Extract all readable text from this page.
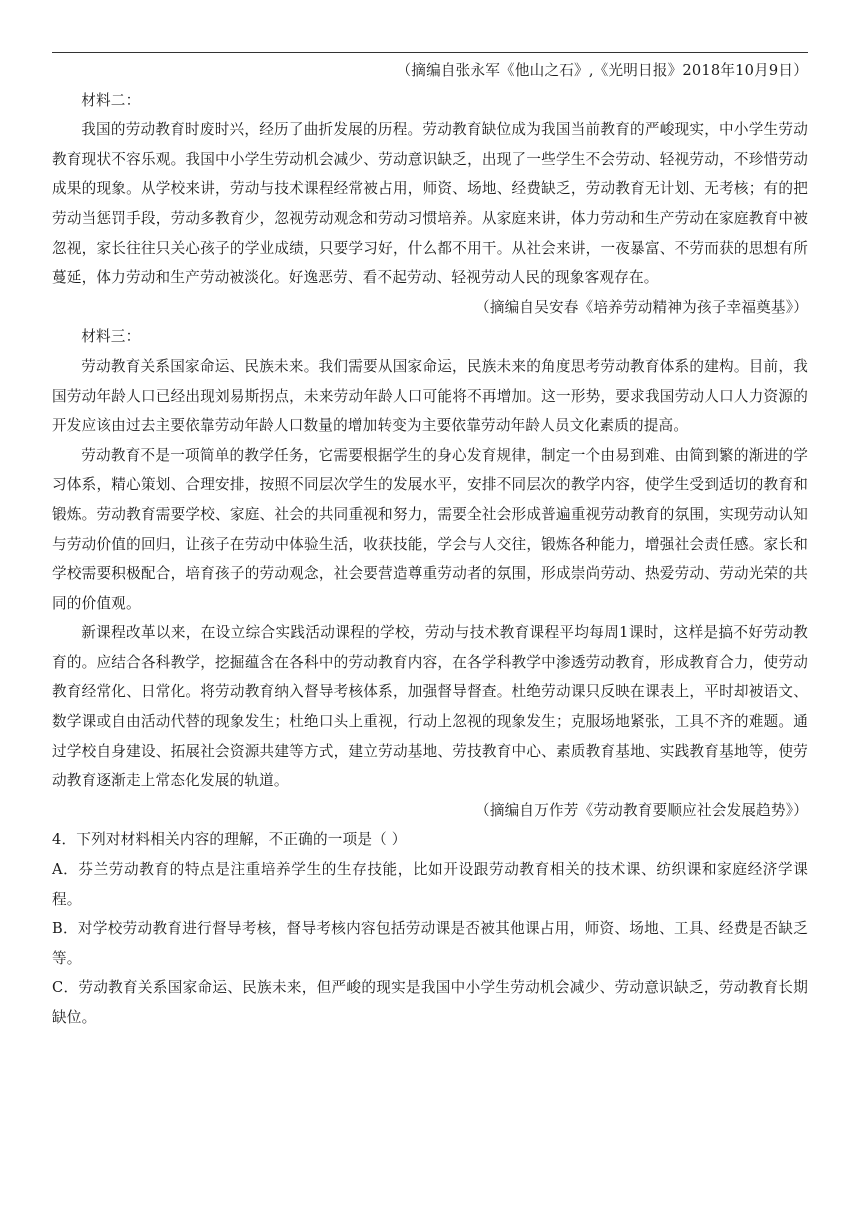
（摘编自张永军《他山之石》,《光明日报》2018年10月9日）

材料二：

我国的劳动教育时废时兴，经历了曲折发展的历程。劳动教育缺位成为我国当前教育的严峻现实，中小学生劳动教育现状不容乐观。我国中小学生劳动机会减少、劳动意识缺乏，出现了一些学生不会劳动、轻视劳动，不珍惜劳动成果的现象。从学校来讲，劳动与技术课程经常被占用，师资、场地、经费缺乏，劳动教育无计划、无考核；有的把劳动当惩罚手段，劳动多教育少，忽视劳动观念和劳动习惯培养。从家庭来讲，体力劳动和生产劳动在家庭教育中被忽视，家长往往只关心孩子的学业成绩，只要学习好，什么都不用干。从社会来讲，一夜暴富、不劳而获的思想有所蔓延，体力劳动和生产劳动被淡化。好逸恶劳、看不起劳动、轻视劳动人民的现象客观存在。

（摘编自吴安春《培养劳动精神为孩子幸福奠基》）

材料三：

劳动教育关系国家命运、民族未来。我们需要从国家命运，民族未来的角度思考劳动教育体系的建构。目前，我国劳动年龄人口已经出现刘易斯拐点，未来劳动年龄人口可能将不再增加。这一形势，要求我国劳动人口人力资源的开发应该由过去主要依靠劳动年龄人口数量的增加转变为主要依靠劳动年龄人员文化素质的提高。

劳动教育不是一项简单的教学任务，它需要根据学生的身心发育规律，制定一个由易到难、由简到繁的渐进的学习体系，精心策划、合理安排，按照不同层次学生的发展水平，安排不同层次的教学内容，使学生受到适切的教育和锻炼。劳动教育需要学校、家庭、社会的共同重视和努力，需要全社会形成普遍重视劳动教育的氛围，实现劳动认知与劳动价值的回归，让孩子在劳动中体验生活，收获技能，学会与人交往，锻炼各种能力，增强社会责任感。家长和学校需要积极配合，培育孩子的劳动观念，社会要营造尊重劳动者的氛围，形成崇尚劳动、热爱劳动、劳动光荣的共同的价值观。

新课程改革以来，在设立综合实践活动课程的学校，劳动与技术教育课程平均每周1课时，这样是搞不好劳动教育的。应结合各科教学，挖掘蕴含在各科中的劳动教育内容，在各学科教学中渗透劳动教育，形成教育合力，使劳动教育经常化、日常化。将劳动教育纳入督导考核体系，加强督导督查。杜绝劳动课只反映在课表上，平时却被语文、数学课或自由活动代替的现象发生；杜绝口头上重视，行动上忽视的现象发生；克服场地紧张，工具不齐的难题。通过学校自身建设、拓展社会资源共建等方式，建立劳动基地、劳技教育中心、素质教育基地、实践教育基地等，使劳动教育逐渐走上常态化发展的轨道。

（摘编自万作芳《劳动教育要顺应社会发展趋势》）

4．下列对材料相关内容的理解，不正确的一项是（ ）

A．芬兰劳动教育的特点是注重培养学生的生存技能，比如开设跟劳动教育相关的技术课、纺织课和家庭经济学课程。

B．对学校劳动教育进行督导考核，督导考核内容包括劳动课是否被其他课占用，师资、场地、工具、经费是否缺乏等。

C．劳动教育关系国家命运、民族未来，但严峻的现实是我国中小学生劳动机会减少、劳动意识缺乏，劳动教育长期缺位。
